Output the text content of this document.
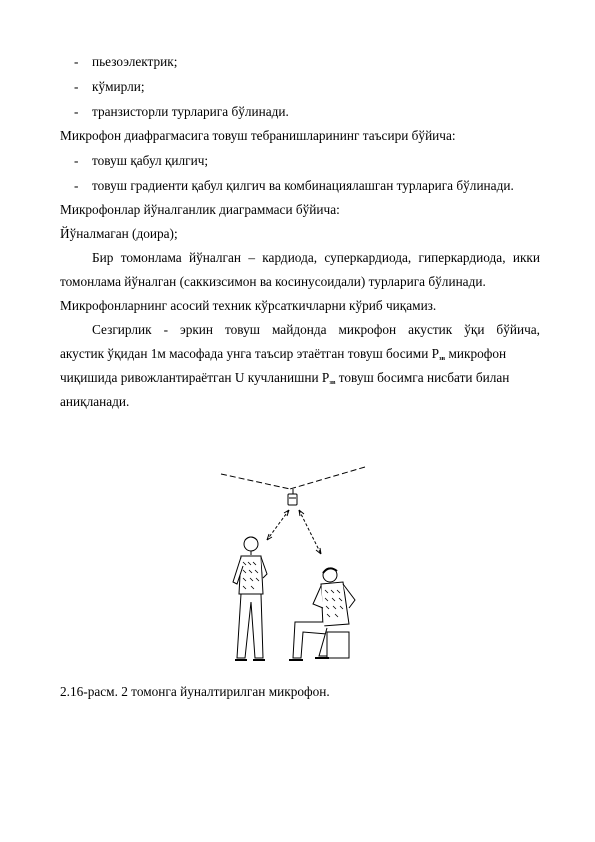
- пьезоэлектрик;
- кўмирли;
- транзисторли турларига бўлинади.
Микрофон диафрагмасига товуш тебранишларининг таъсири бўйича:
- товуш қабул қилгич;
- товуш градиенти қабул қилгич ва комбинациялашган турларига бўлинади.
Микрофонлар йўналганлик диаграммаси бўйича:
Йўналмаган (доира);
Бир томонлама йўналган – кардиода, суперкардиода, гиперкардиода, икки
томонлама йўналган (саккизсимон ва косинусоидали) турларига бўлинади.
Микрофонларнинг асосий техник кўрсаткичларни кўриб чиқамиз.
Сезгирлик - эркин товуш майдонда микрофон акустик ўқи бўйича,
акустик ўқидан 1м масофада унга таъсир этаётган товуш босими $Р_{зв}$ микрофон
чиқишида ривожлантираётган U кучланишни $Р_{зв}$ товуш босимга нисбати билан
аниқланади.
2.16-расм. 2 томонга йуналтирилган микрофон.
